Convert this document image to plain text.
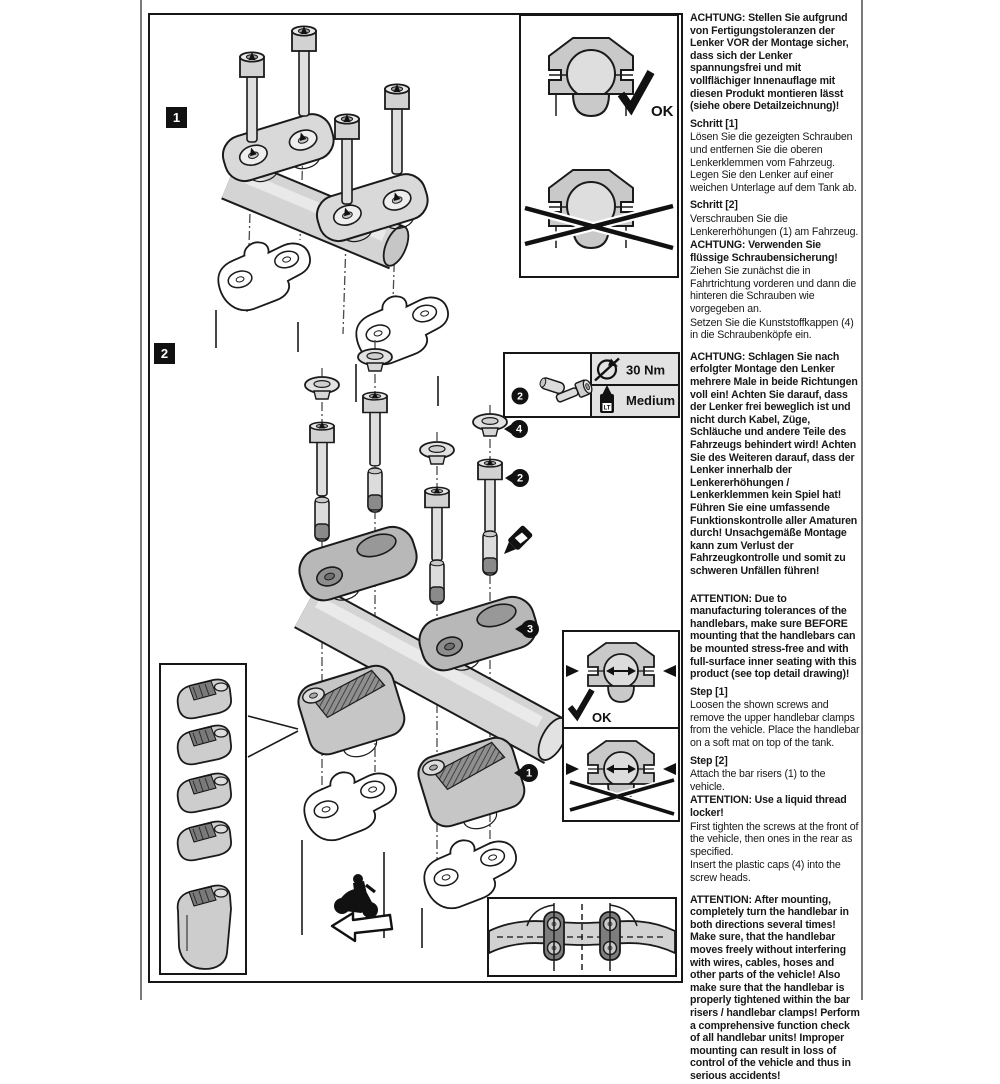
1
2
4
2
3
1
OK
2
30 Nm
LT
Medium
OK

ACHTUNG: Stellen Sie aufgrund von Fertigungstoleranzen der Lenker VOR der Montage sicher, dass sich der Lenker spannungsfrei und mit vollflächiger Innenauflage mit diesen Produkt montieren lässt (siehe obere Detailzeichnung)!

Schritt [1]

Lösen Sie die gezeigten Schrauben und entfernen Sie die oberen Lenkerklemmen vom Fahrzeug. Legen Sie den Lenker auf einer weichen Unterlage auf dem Tank ab.

Schritt [2]

Verschrauben Sie die Lenkererhöhungen (1) am Fahrzeug.

ACHTUNG: Verwenden Sie flüssige Schraubensicherung!

Ziehen Sie zunächst die in Fahrtrichtung vorderen und dann die hinteren die Schrauben wie vorgegeben an.

Setzen Sie die Kunststoffkappen (4) in die Schraubenköpfe ein.

ACHTUNG: Schlagen Sie nach erfolgter Montage den Lenker mehrere Male in beide Richtungen voll ein! Achten Sie darauf, dass der Lenker frei beweglich ist und nicht durch Kabel, Züge, Schläuche und andere Teile des Fahrzeugs behindert wird! Achten Sie des Weiteren darauf, dass der Lenker innerhalb der Lenkererhöhungen / Lenkerklemmen kein Spiel hat! Führen Sie eine umfassende Funktionskontrolle aller Amaturen durch! Unsachgemäße Montage kann zum Verlust der Fahrzeugkontrolle und somit zu schweren Unfällen führen!

ATTENTION: Due to manufacturing tolerances of the handlebars, make sure BEFORE mounting that the handlebars can be mounted stress-free and with full-surface inner seating with this product (see top detail drawing)!

Step [1]

Loosen the shown screws and remove the upper handlebar clamps from the vehicle. Place the handlebar on a soft mat on top of the tank.

Step [2]

Attach the bar risers (1) to the vehicle.

ATTENTION: Use a liquid thread locker!

First tighten the screws at the front of the vehicle, then ones in the rear as specified.

Insert the plastic caps (4) into the screw heads.

ATTENTION: After mounting, completely turn the handlebar in both directions several times! Make sure, that the handlebar moves freely without interfering with wires, cables, hoses and other parts of the vehicle! Also make sure that the handlebar is properly tightened within the bar risers / handlebar clamps! Perform a comprehensive function check of all handlebar units! Improper mounting can result in loss of control of the vehicle and thus in serious accidents!
